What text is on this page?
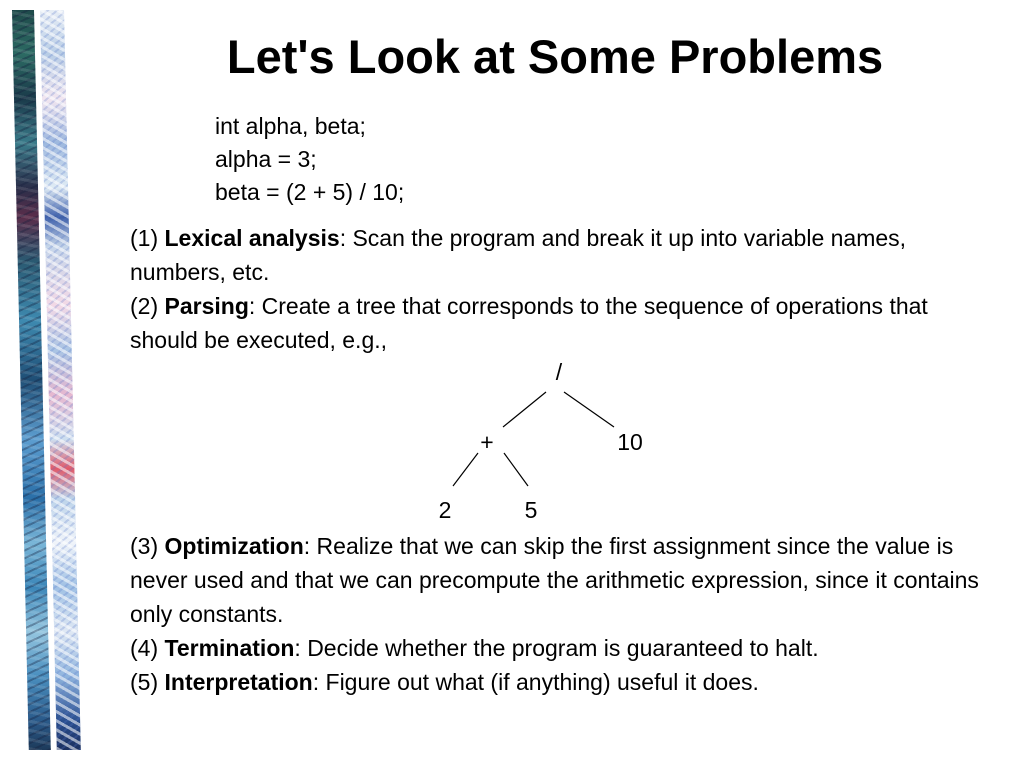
Let's Look at Some Problems
int alpha, beta;
alpha = 3;
beta = (2 + 5) / 10;
(1) Lexical analysis: Scan the program and break it up into variable names, numbers, etc.
(2) Parsing: Create a tree that corresponds to the sequence of operations that should be executed, e.g.,
/
+	10
2	5
(3) Optimization: Realize that we can skip the first assignment since the value is never used and that we can precompute the arithmetic expression, since it contains only constants.
(4) Termination: Decide whether the program is guaranteed to halt.
(5) Interpretation: Figure out what (if anything) useful it does.
